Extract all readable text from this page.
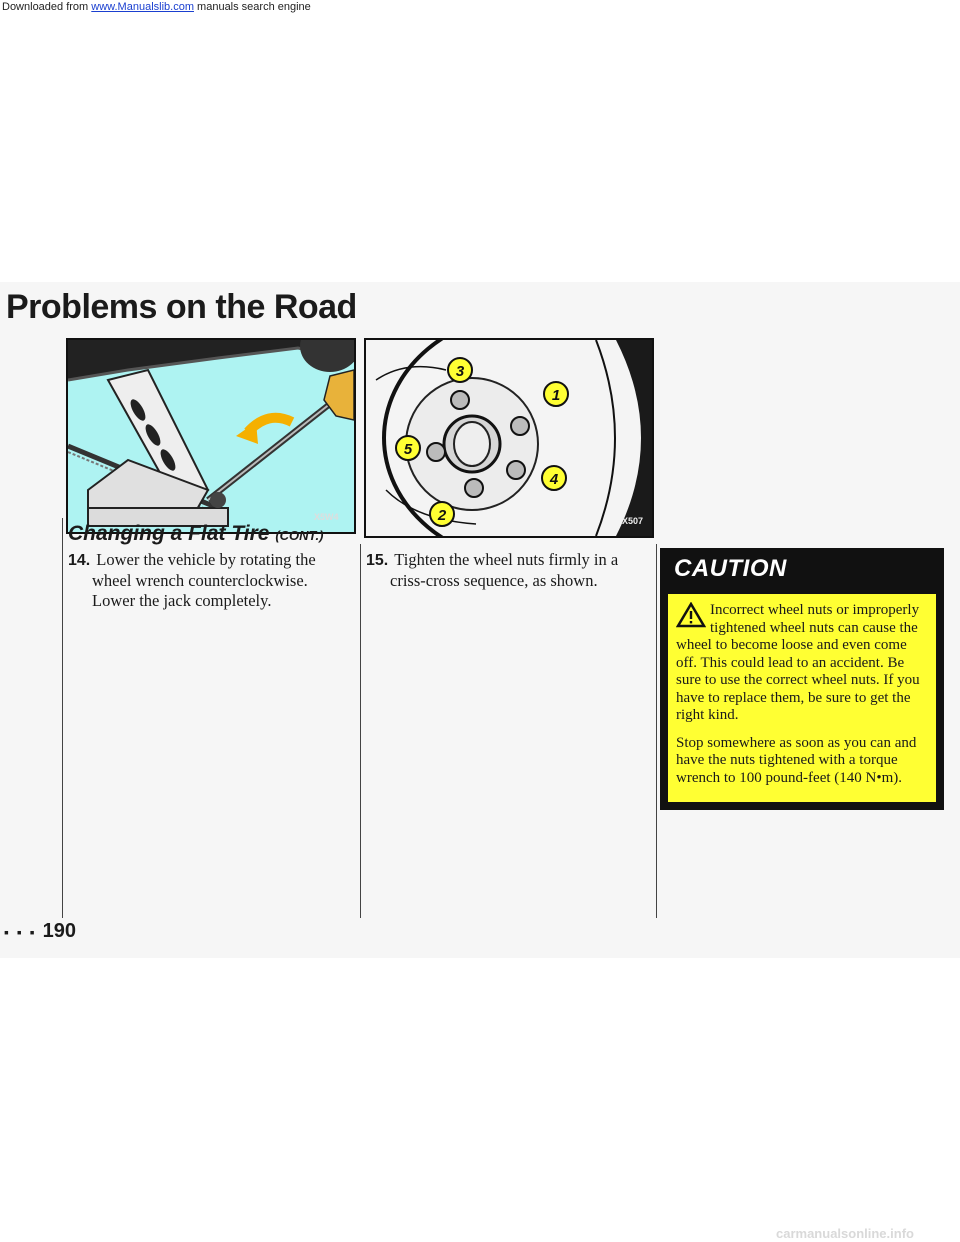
Downloaded from www.Manualslib.com manuals search engine
Problems on the Road
X5W4
3
1
5
4
2	X507
Changing a Flat Tire (CONT.)
14. Lower the vehicle by rotating the
wheel wrench counterclockwise.
Lower the jack completely.
15. Tighten the wheel nuts firmly in a
criss-cross sequence, as shown.	CAUTION

Incorrect wheel nuts or improperly tightened wheel nuts can cause the wheel to become loose and even come off. This could lead to an accident. Be sure to use the correct wheel nuts. If you have to replace them, be sure to get the right kind.

Stop somewhere as soon as you can and have the nuts tightened with a torque wrench to 100 pound-feet (140 N•m).

▪ ▪ ▪ 190
carmanualsonline.info
